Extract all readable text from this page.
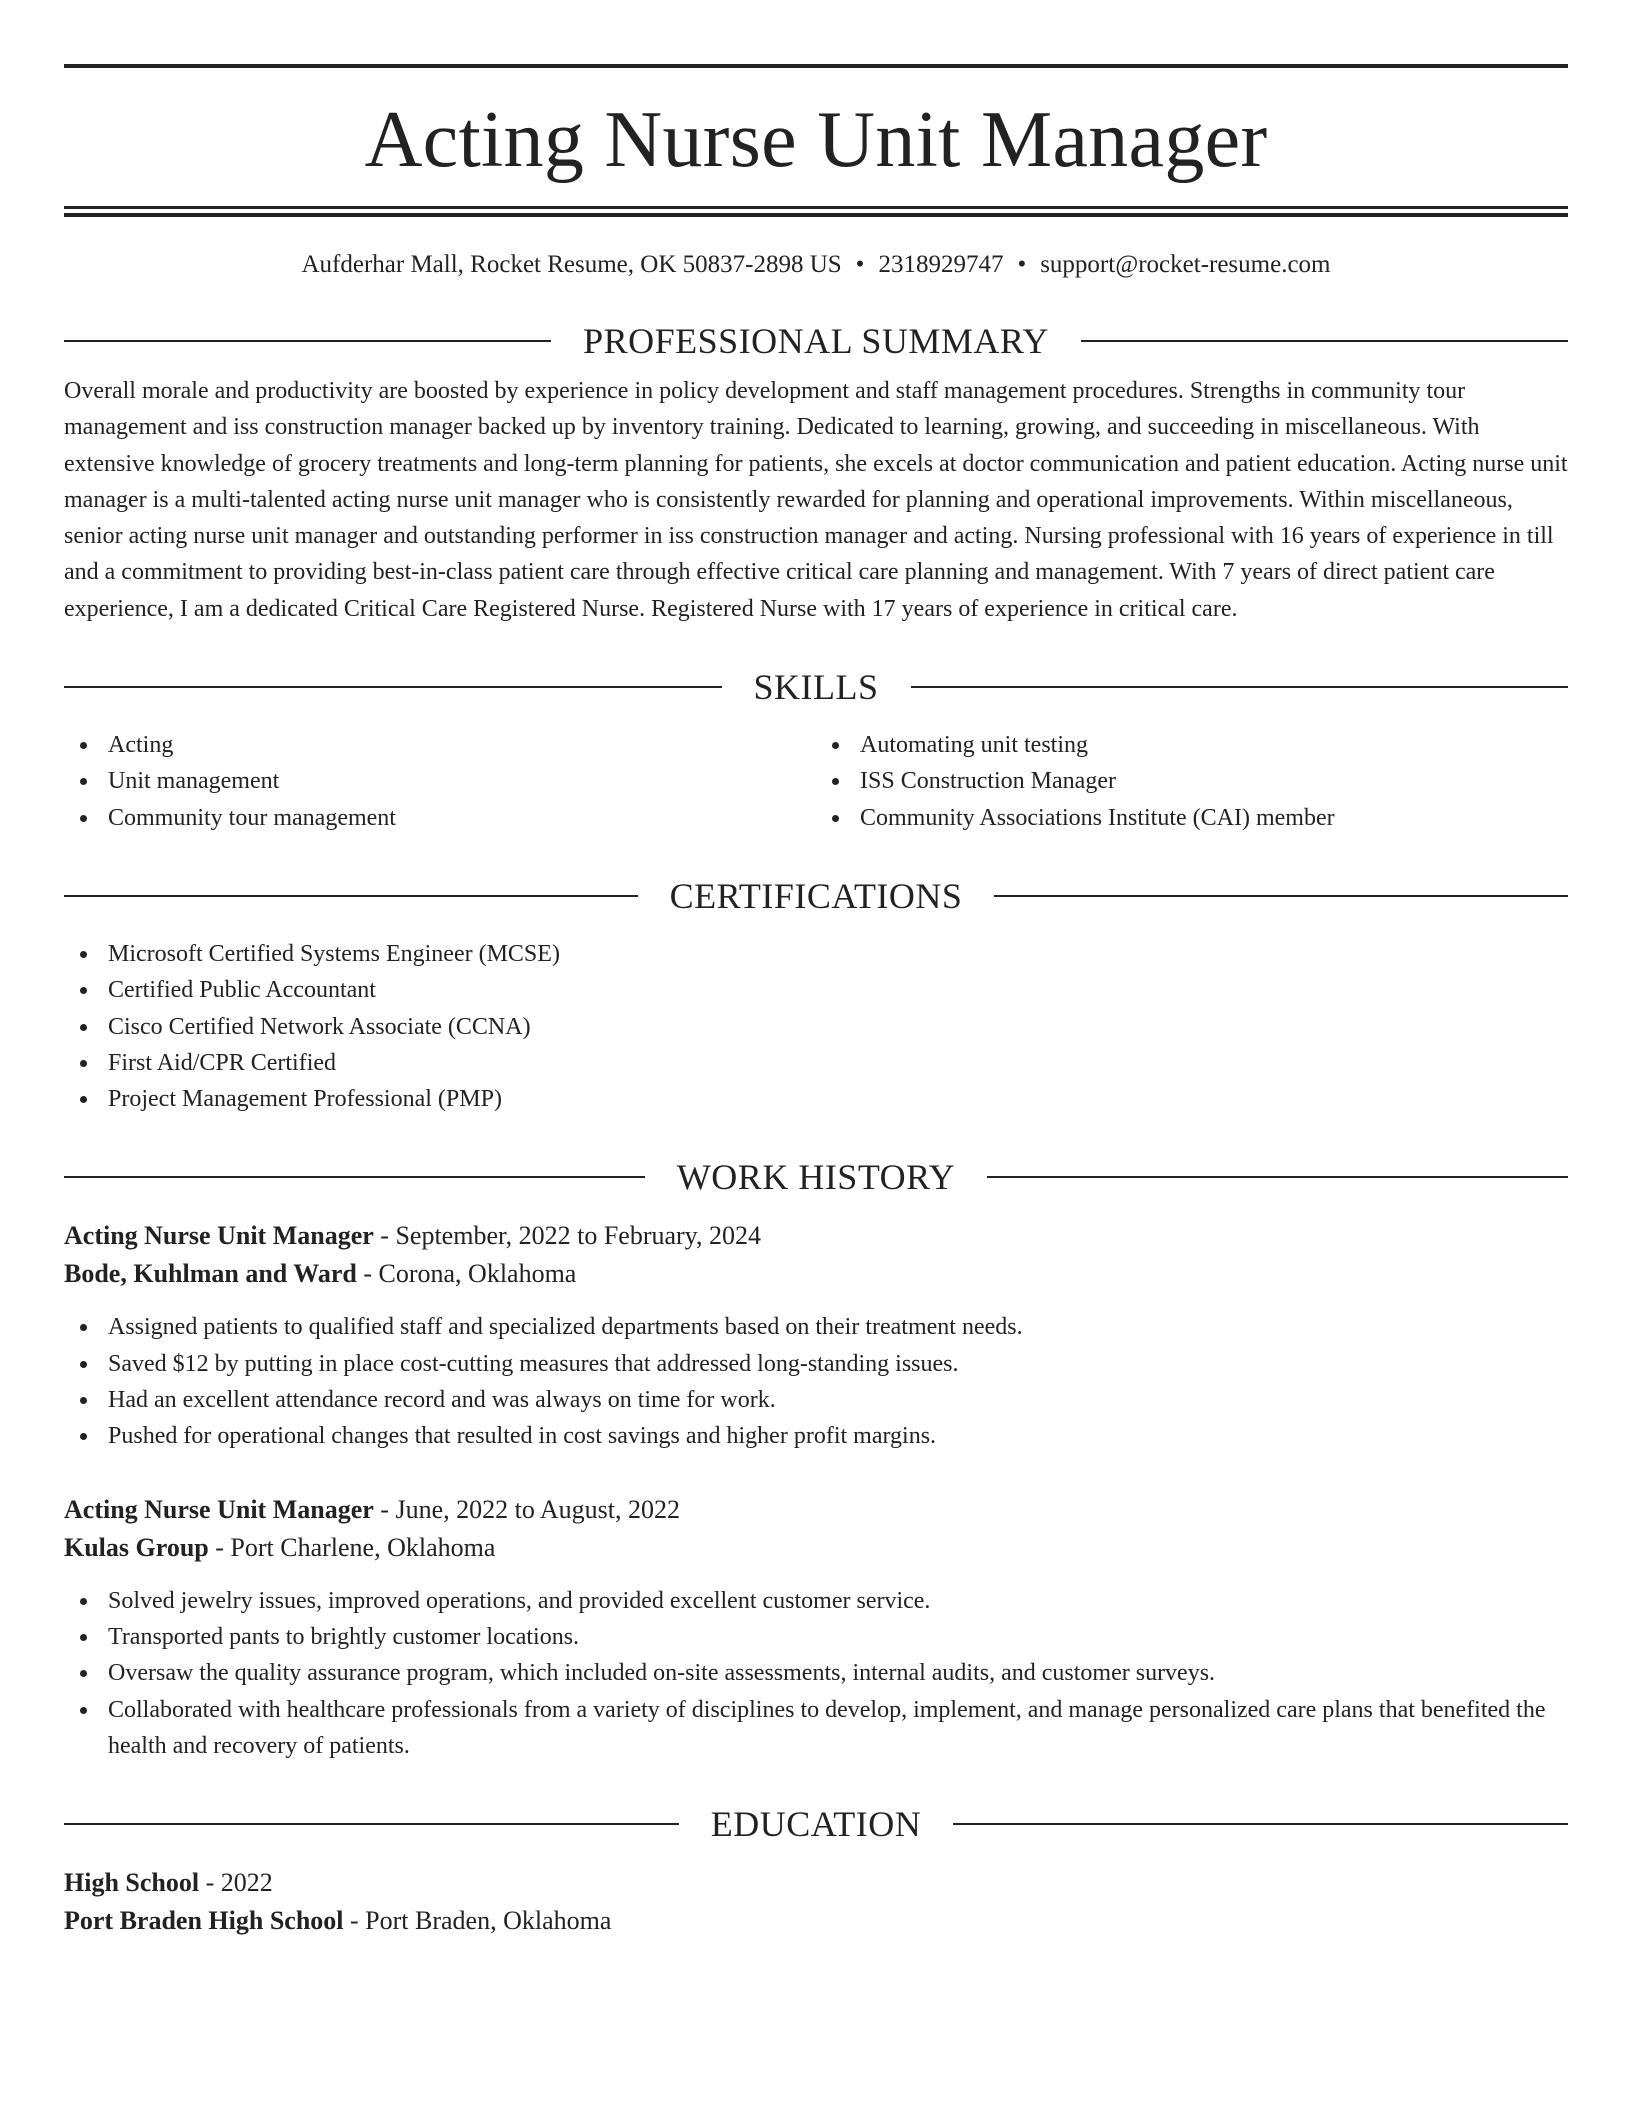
Acting Nurse Unit Manager
Aufderhar Mall, Rocket Resume, OK 50837-2898 US • 2318929747 • support@rocket-resume.com
PROFESSIONAL SUMMARY
Overall morale and productivity are boosted by experience in policy development and staff management procedures. Strengths in community tour management and iss construction manager backed up by inventory training. Dedicated to learning, growing, and succeeding in miscellaneous. With extensive knowledge of grocery treatments and long-term planning for patients, she excels at doctor communication and patient education. Acting nurse unit manager is a multi-talented acting nurse unit manager who is consistently rewarded for planning and operational improvements. Within miscellaneous, senior acting nurse unit manager and outstanding performer in iss construction manager and acting. Nursing professional with 16 years of experience in till and a commitment to providing best-in-class patient care through effective critical care planning and management. With 7 years of direct patient care experience, I am a dedicated Critical Care Registered Nurse. Registered Nurse with 17 years of experience in critical care.
SKILLS
Acting
Unit management
Community tour management
Automating unit testing
ISS Construction Manager
Community Associations Institute (CAI) member
CERTIFICATIONS
Microsoft Certified Systems Engineer (MCSE)
Certified Public Accountant
Cisco Certified Network Associate (CCNA)
First Aid/CPR Certified
Project Management Professional (PMP)
WORK HISTORY
Acting Nurse Unit Manager - September, 2022 to February, 2024
Bode, Kuhlman and Ward - Corona, Oklahoma
Assigned patients to qualified staff and specialized departments based on their treatment needs.
Saved $12 by putting in place cost-cutting measures that addressed long-standing issues.
Had an excellent attendance record and was always on time for work.
Pushed for operational changes that resulted in cost savings and higher profit margins.
Acting Nurse Unit Manager - June, 2022 to August, 2022
Kulas Group - Port Charlene, Oklahoma
Solved jewelry issues, improved operations, and provided excellent customer service.
Transported pants to brightly customer locations.
Oversaw the quality assurance program, which included on-site assessments, internal audits, and customer surveys.
Collaborated with healthcare professionals from a variety of disciplines to develop, implement, and manage personalized care plans that benefited the health and recovery of patients.
EDUCATION
High School - 2022
Port Braden High School - Port Braden, Oklahoma
